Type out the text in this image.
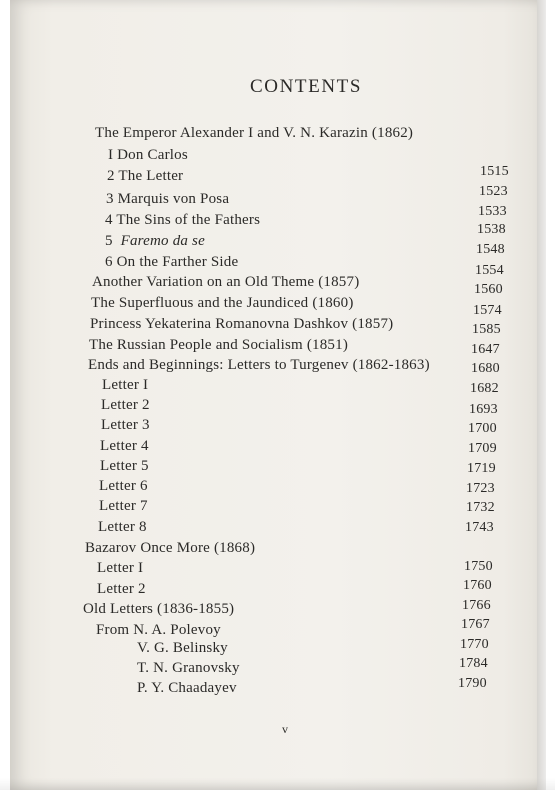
CONTENTS
The Emperor Alexander I and V. N. Karazin (1862)
I Don Carlos
2 The Letter
3 Marquis von Posa
4 The Sins of the Fathers
5 Faremo da se
6 On the Farther Side
Another Variation on an Old Theme (1857)
The Superfluous and the Jaundiced (1860)
Princess Yekaterina Romanovna Dashkov (1857)
The Russian People and Socialism (1851)
Ends and Beginnings: Letters to Turgenev (1862-1863)
Letter I
Letter 2
Letter 3
Letter 4
Letter 5
Letter 6
Letter 7
Letter 8
Bazarov Once More (1868)
Letter I
Letter 2
Old Letters (1836-1855)
From N. A. Polevoy
V. G. Belinsky
T. N. Granovsky
P. Y. Chaadayev
1515
1523
1533
1538
1548
1554
1560
1574
1585
1647
1680
1682
1693
1700
1709
1719
1723
1732
1743
1750
1760
1766
1767
1770
1784
1790
v
